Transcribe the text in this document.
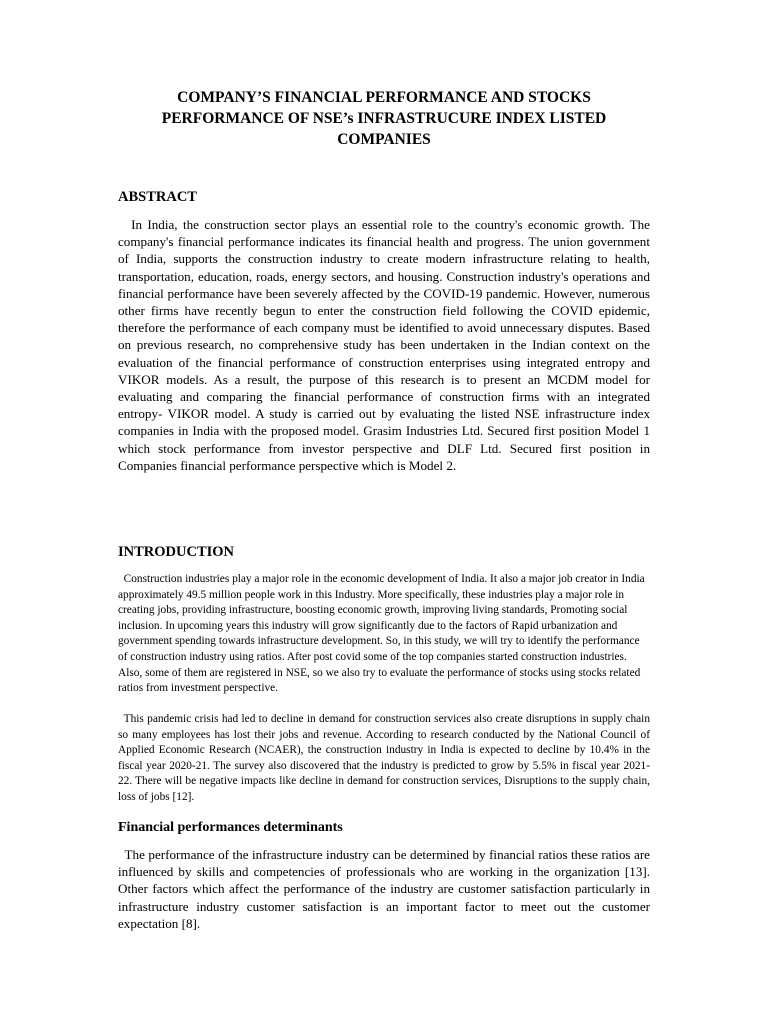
COMPANY’S FINANCIAL PERFORMANCE AND STOCKS
PERFORMANCE OF NSE’s INFRASTRUCURE INDEX LISTED
COMPANIES
ABSTRACT

 In India, the construction sector plays an essential role to the country's economic growth. The company's financial performance indicates its financial health and progress. The union government of India, supports the construction industry to create modern infrastructure relating to health, transportation, education, roads, energy sectors, and housing. Construction industry's operations and financial performance have been severely affected by the COVID-19 pandemic. However, numerous other firms have recently begun to enter the construction field following the COVID epidemic, therefore the performance of each company must be identified to avoid unnecessary disputes. Based on previous research, no comprehensive study has been undertaken in the Indian context on the evaluation of the financial performance of construction enterprises using integrated entropy and VIKOR models. As a result, the purpose of this research is to present an MCDM model for evaluating and comparing the financial performance of construction firms with an integrated entropy- VIKOR model. A study is carried out by evaluating the listed NSE infrastructure index companies in India with the proposed model. Grasim Industries Ltd. Secured first position Model 1 which stock performance from investor perspective and DLF Ltd. Secured first position in Companies financial performance perspective which is Model 2.

INTRODUCTION

 Construction industries play a major role in the economic development of India. It also a major job creator in India approximately 49.5 million people work in this Industry. More specifically, these industries play a major role in creating jobs, providing infrastructure, boosting economic growth, improving living standards, Promoting social inclusion. In upcoming years this industry will grow significantly due to the factors of Rapid urbanization and government spending towards infrastructure development. So, in this study, we will try to identify the performance of construction industry using ratios. After post covid some of the top companies started construction industries. Also, some of them are registered in NSE, so we also try to evaluate the performance of stocks using stocks related ratios from investment perspective.

 This pandemic crisis had led to decline in demand for construction services also create disruptions in supply chain so many employees has lost their jobs and revenue. According to research conducted by the National Council of Applied Economic Research (NCAER), the construction industry in India is expected to decline by 10.4% in the fiscal year 2020-21. The survey also discovered that the industry is predicted to grow by 5.5% in fiscal year 2021-22. There will be negative impacts like decline in demand for construction services, Disruptions to the supply chain, loss of jobs [12].

Financial performances determinants

 The performance of the infrastructure industry can be determined by financial ratios these ratios are influenced by skills and competencies of professionals who are working in the organization [13]. Other factors which affect the performance of the industry are customer satisfaction particularly in infrastructure industry customer satisfaction is an important factor to meet out the customer expectation [8].
